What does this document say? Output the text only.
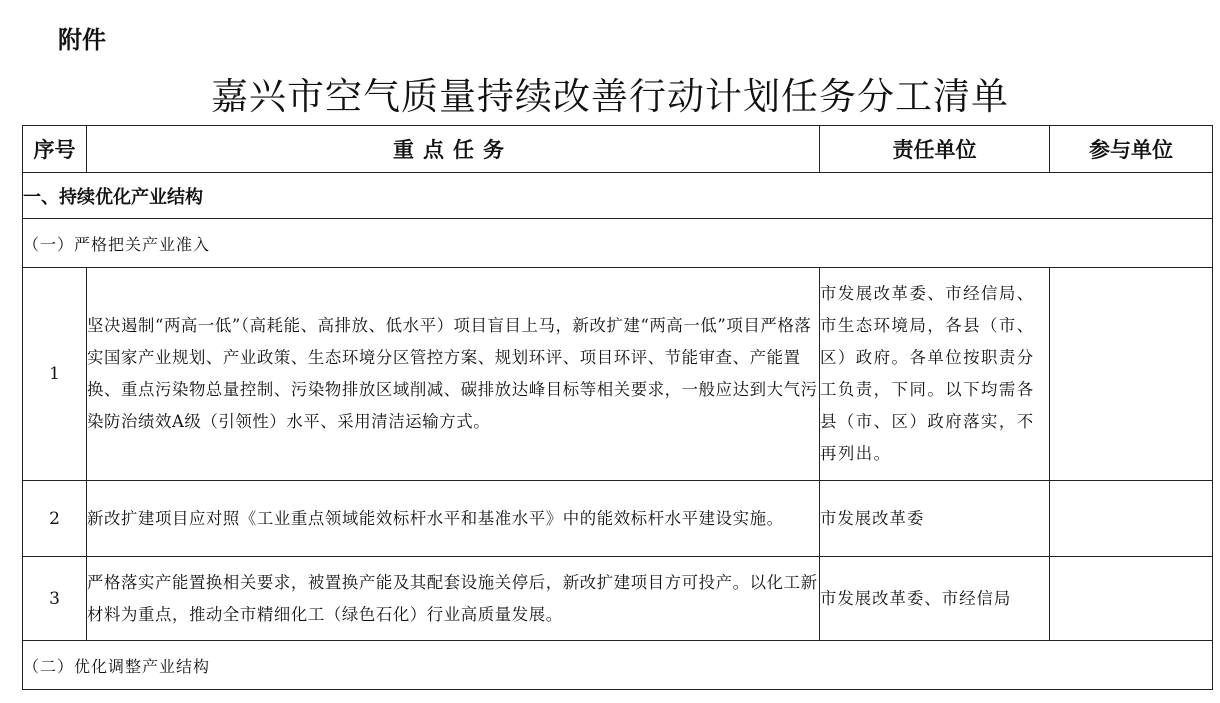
附件
嘉兴市空气质量持续改善行动计划任务分工清单
序号	重点任务	责任单位	参与单位
一、持续优化产业结构			
（一）严格把关产业准入			
1	坚决遏制“两高一低”（高耗能、高排放、低水平）项目盲目上马，新改扩建“两高一低”项目严格落实国家产业规划、产业政策、生态环境分区管控方案、规划环评、项目环评、节能审查、产能置换、重点污染物总量控制、污染物排放区域削减、碳排放达峰目标等相关要求，一般应达到大气污染防治绩效A级（引领性）水平、采用清洁运输方式。	市发展改革委、市经信局、市生态环境局，各县（市、区）政府。各单位按职责分工负责，下同。以下均需各县（市、区）政府落实，不再列出。	
2	新改扩建项目应对照《工业重点领域能效标杆水平和基准水平》中的能效标杆水平建设实施。	市发展改革委	
3	严格落实产能置换相关要求，被置换产能及其配套设施关停后，新改扩建项目方可投产。以化工新材料为重点，推动全市精细化工（绿色石化）行业高质量发展。	市发展改革委、市经信局	
（二）优化调整产业结构			
